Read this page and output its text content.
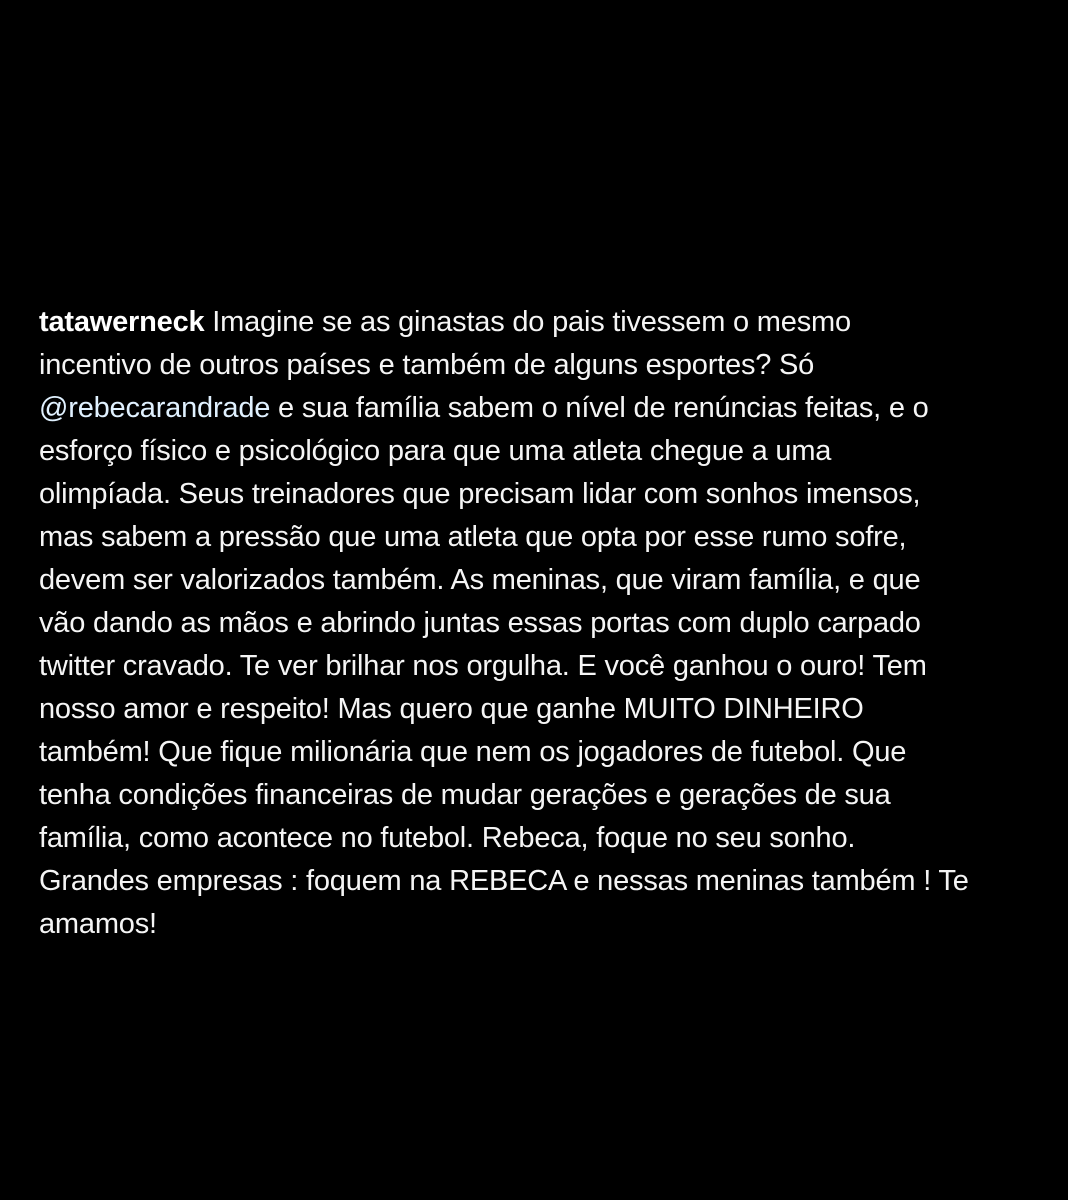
tatawerneck Imagine se as ginastas do pais tivessem o mesmo
incentivo de outros países e também de alguns esportes? Só
@rebecarandrade e sua família sabem o nível de renúncias feitas, e o
esforço físico e psicológico para que uma atleta chegue a uma
olimpíada. Seus treinadores que precisam lidar com sonhos imensos,
mas sabem a pressão que uma atleta que opta por esse rumo sofre,
devem ser valorizados também. As meninas, que viram família, e que
vão dando as mãos e abrindo juntas essas portas com duplo carpado
twitter cravado. Te ver brilhar nos orgulha. E você ganhou o ouro! Tem
nosso amor e respeito! Mas quero que ganhe MUITO DINHEIRO
também! Que fique milionária que nem os jogadores de futebol. Que
tenha condições financeiras de mudar gerações e gerações de sua
família, como acontece no futebol. Rebeca, foque no seu sonho.
Grandes empresas : foquem na REBECA e nessas meninas também ! Te
amamos!
